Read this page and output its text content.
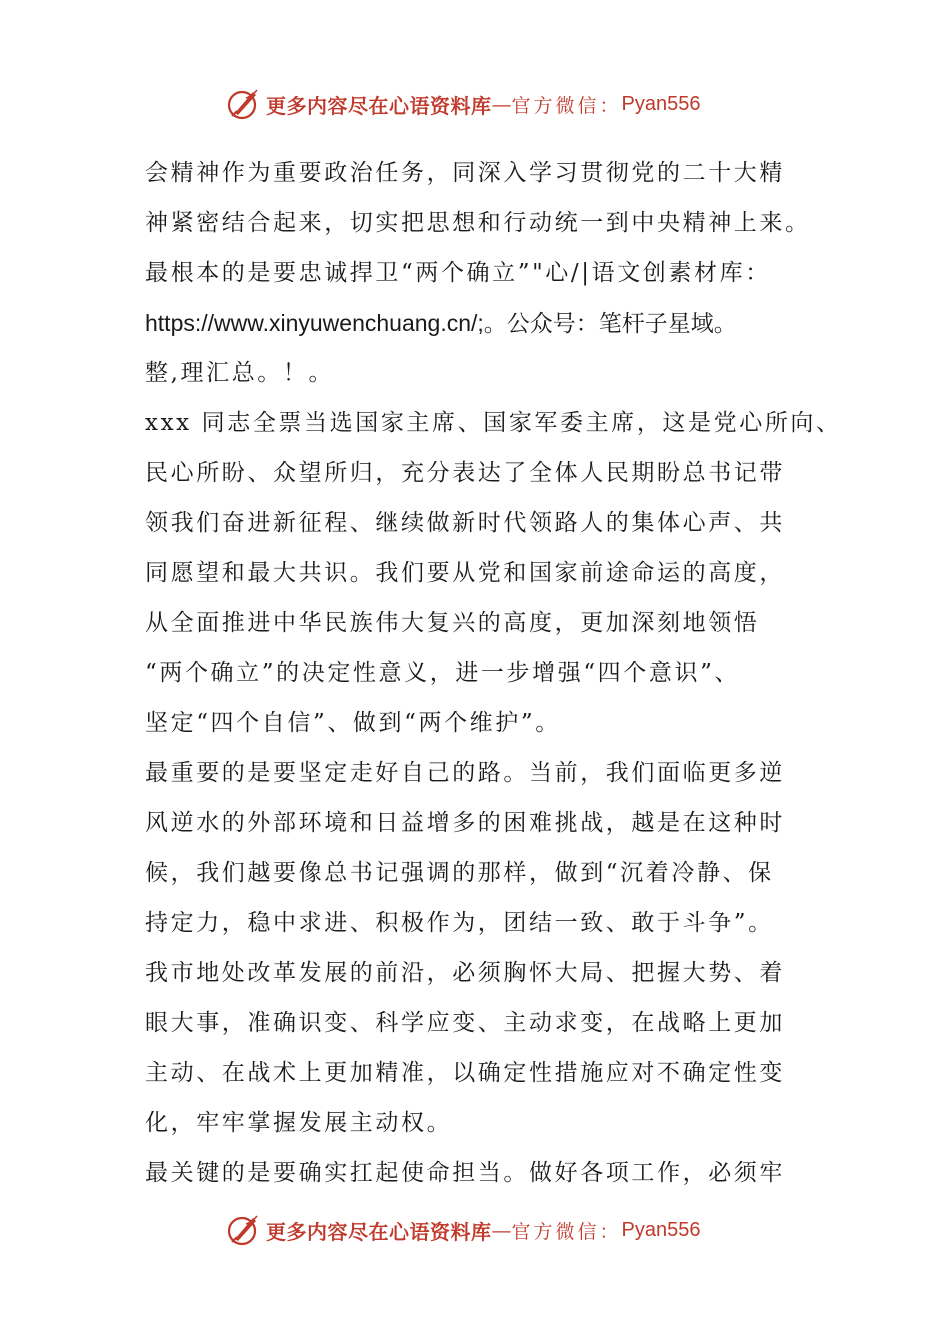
更多内容尽在心语资料库 — 官方微信： Pyan556
会精神作为重要政治任务，同深入学习贯彻党的二十大精
神紧密结合起来，切实把思想和行动统一到中央精神上来。
最根本的是要忠诚捍卫“两个确立”"心/|语文创素材库：
https://www.xinyuwenchuang.cn/;。公众号：笔杆子星域。
整,理汇总。！。
xxx 同志全票当选国家主席、国家军委主席，这是党心所向、
民心所盼、众望所归，充分表达了全体人民期盼总书记带
领我们奋进新征程、继续做新时代领路人的集体心声、共
同愿望和最大共识。我们要从党和国家前途命运的高度，
从全面推进中华民族伟大复兴的高度，更加深刻地领悟
“两个确立”的决定性意义，进一步增强“四个意识”、
坚定“四个自信”、做到“两个维护”。
最重要的是要坚定走好自己的路。当前，我们面临更多逆
风逆水的外部环境和日益增多的困难挑战，越是在这种时
候，我们越要像总书记强调的那样，做到“沉着冷静、保
持定力，稳中求进、积极作为，团结一致、敢于斗争”。
我市地处改革发展的前沿，必须胸怀大局、把握大势、着
眼大事，准确识变、科学应变、主动求变，在战略上更加
主动、在战术上更加精准，以确定性措施应对不确定性变
化，牢牢掌握发展主动权。
最关键的是要确实扛起使命担当。做好各项工作，必须牢
更多内容尽在心语资料库 — 官方微信： Pyan556
